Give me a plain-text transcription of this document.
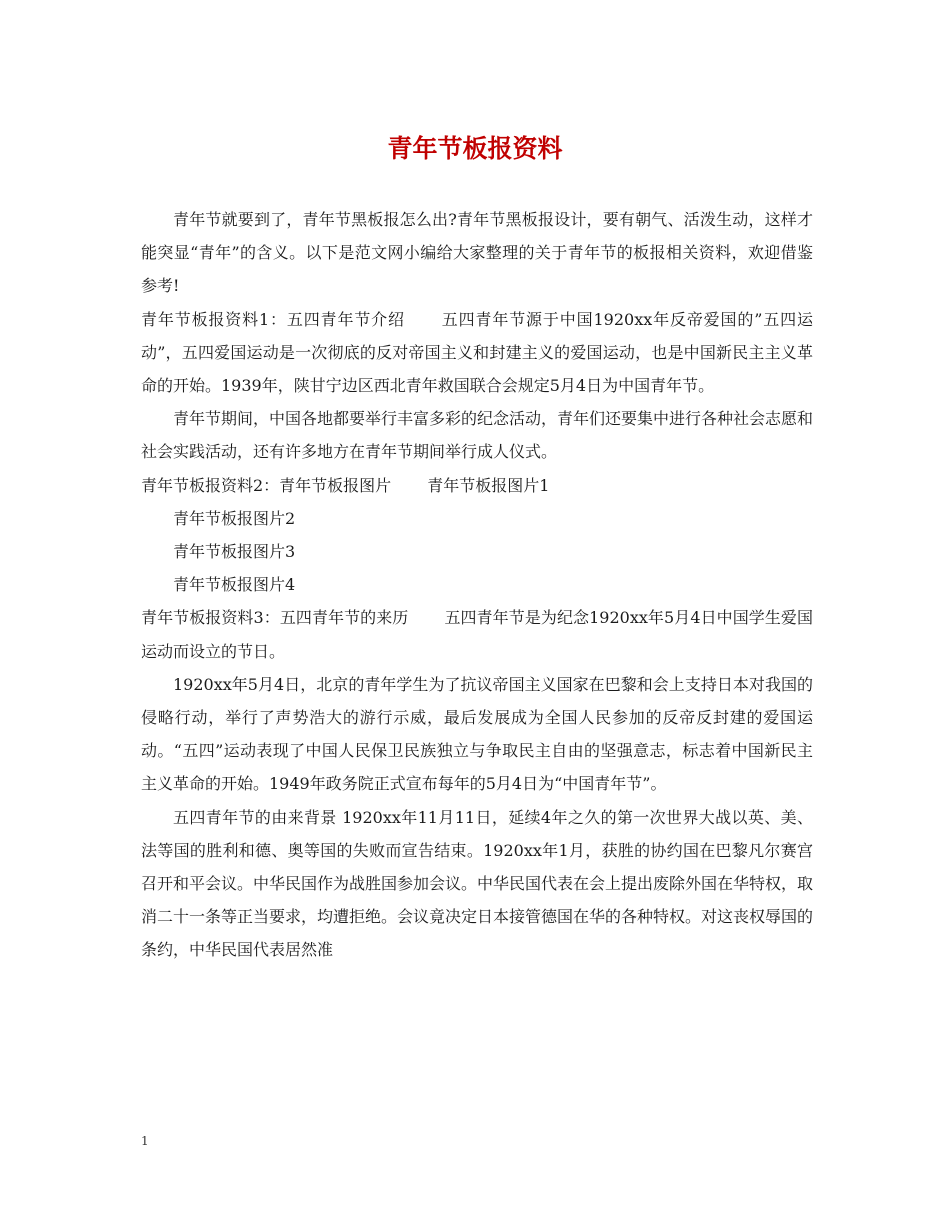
青年节板报资料

青年节就要到了，青年节黑板报怎么出?青年节黑板报设计，要有朝气、活泼生动，这样才能突显“青年”的含义。以下是范文网小编给大家整理的关于青年节的板报相关资料，欢迎借鉴参考!

青年节板报资料1：五四青年节介绍 五四青年节源于中国1920xx年反帝爱国的”五四运动”，五四爱国运动是一次彻底的反对帝国主义和封建主义的爱国运动，也是中国新民主主义革命的开始。1939年，陕甘宁边区西北青年救国联合会规定5月4日为中国青年节。

青年节期间，中国各地都要举行丰富多彩的纪念活动，青年们还要集中进行各种社会志愿和社会实践活动，还有许多地方在青年节期间举行成人仪式。

青年节板报资料2：青年节板报图片 青年节板报图片1

青年节板报图片2
青年节板报图片3
青年节板报图片4

青年节板报资料3：五四青年节的来历 五四青年节是为纪念1920xx年5月4日中国学生爱国运动而设立的节日。

1920xx年5月4日，北京的青年学生为了抗议帝国主义国家在巴黎和会上支持日本对我国的侵略行动，举行了声势浩大的游行示威，最后发展成为全国人民参加的反帝反封建的爱国运动。“五四”运动表现了中国人民保卫民族独立与争取民主自由的坚强意志，标志着中国新民主主义革命的开始。1949年政务院正式宣布每年的5月4日为“中国青年节”。

五四青年节的由来背景 1920xx年11月11日，延续4年之久的第一次世界大战以英、美、法等国的胜利和德、奥等国的失败而宣告结束。1920xx年1月，获胜的协约国在巴黎凡尔赛宫召开和平会议。中华民国作为战胜国参加会议。中华民国代表在会上提出废除外国在华特权，取消二十一条等正当要求，均遭拒绝。会议竟决定日本接管德国在华的各种特权。对这丧权辱国的条约，中华民国代表居然准

1
